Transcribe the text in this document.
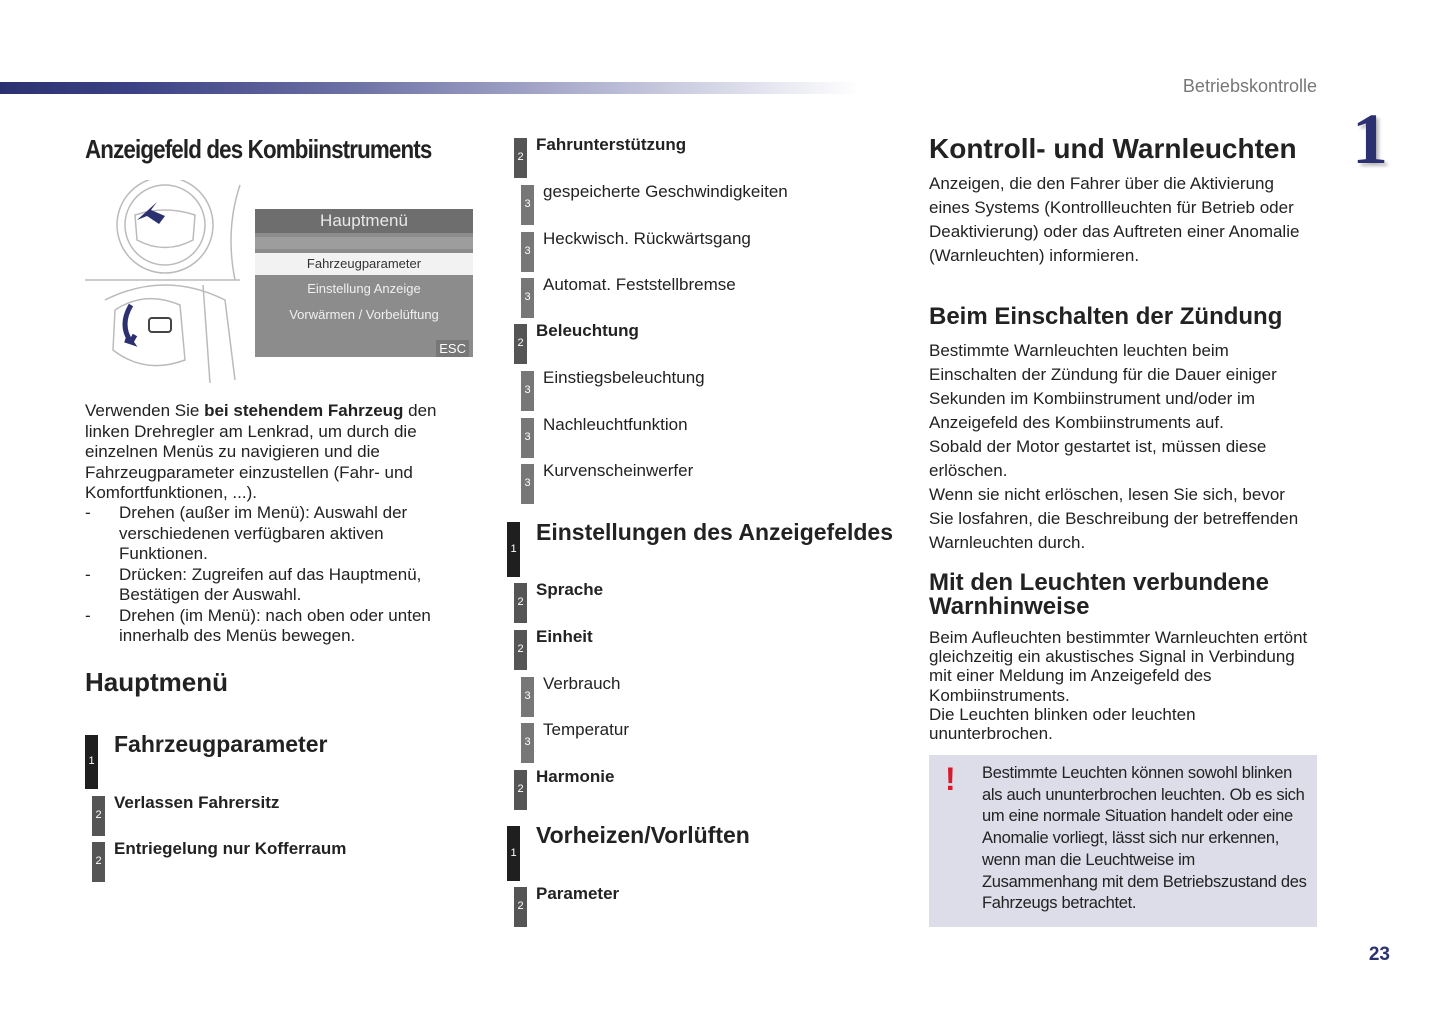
Betriebskontrolle
1
Anzeigefeld des Kombiinstruments
Hauptmenü
Fahrzeugparameter
Einstellung Anzeige
Vorwärmen / Vorbelüftung
ESC
Verwenden Sie bei stehendem Fahrzeug den linken Drehregler am Lenkrad, um durch die einzelnen Menüs zu navigieren und die Fahrzeugparameter einzustellen (Fahr- und Komfortfunktionen, ...).
-	Drehen (außer im Menü): Auswahl der verschiedenen verfügbaren aktiven Funktionen.
-	Drücken: Zugreifen auf das Hauptmenü, Bestätigen der Auswahl.
-	Drehen (im Menü): nach oben oder unten innerhalb des Menüs bewegen.
Hauptmenü
1
Fahrzeugparameter
2
Verlassen Fahrersitz
2
Entriegelung nur Kofferraum
2
Fahrunterstützung
3
gespeicherte Geschwindigkeiten
3
Heckwisch. Rückwärtsgang
3
Automat. Feststellbremse
2
Beleuchtung
3
Einstiegsbeleuchtung
3
Nachleuchtfunktion
3
Kurvenscheinwerfer
1
Einstellungen des Anzeigefeldes
2
Sprache
2
Einheit
3
Verbrauch
3
Temperatur
2
Harmonie
1
Vorheizen/Vorlüften
2
Parameter
Kontroll- und Warnleuchten
Anzeigen, die den Fahrer über die Aktivierung eines Systems (Kontrollleuchten für Betrieb oder Deaktivierung) oder das Auftreten einer Anomalie (Warnleuchten) informieren.
Beim Einschalten der Zündung
Bestimmte Warnleuchten leuchten beim Einschalten der Zündung für die Dauer einiger Sekunden im Kombiinstrument und/oder im Anzeigefeld des Kombiinstruments auf.
Sobald der Motor gestartet ist, müssen diese erlöschen.
Wenn sie nicht erlöschen, lesen Sie sich, bevor Sie losfahren, die Beschreibung der betreffenden Warnleuchten durch.
Mit den Leuchten verbundene Warnhinweise
Beim Aufleuchten bestimmter Warnleuchten ertönt gleichzeitig ein akustisches Signal in Verbindung mit einer Meldung im Anzeigefeld des Kombiinstruments.
Die Leuchten blinken oder leuchten ununterbrochen.
! Bestimmte Leuchten können sowohl blinken als auch ununterbrochen leuchten. Ob es sich um eine normale Situation handelt oder eine Anomalie vorliegt, lässt sich nur erkennen, wenn man die Leuchtweise im Zusammenhang mit dem Betriebszustand des Fahrzeugs betrachtet.
23
